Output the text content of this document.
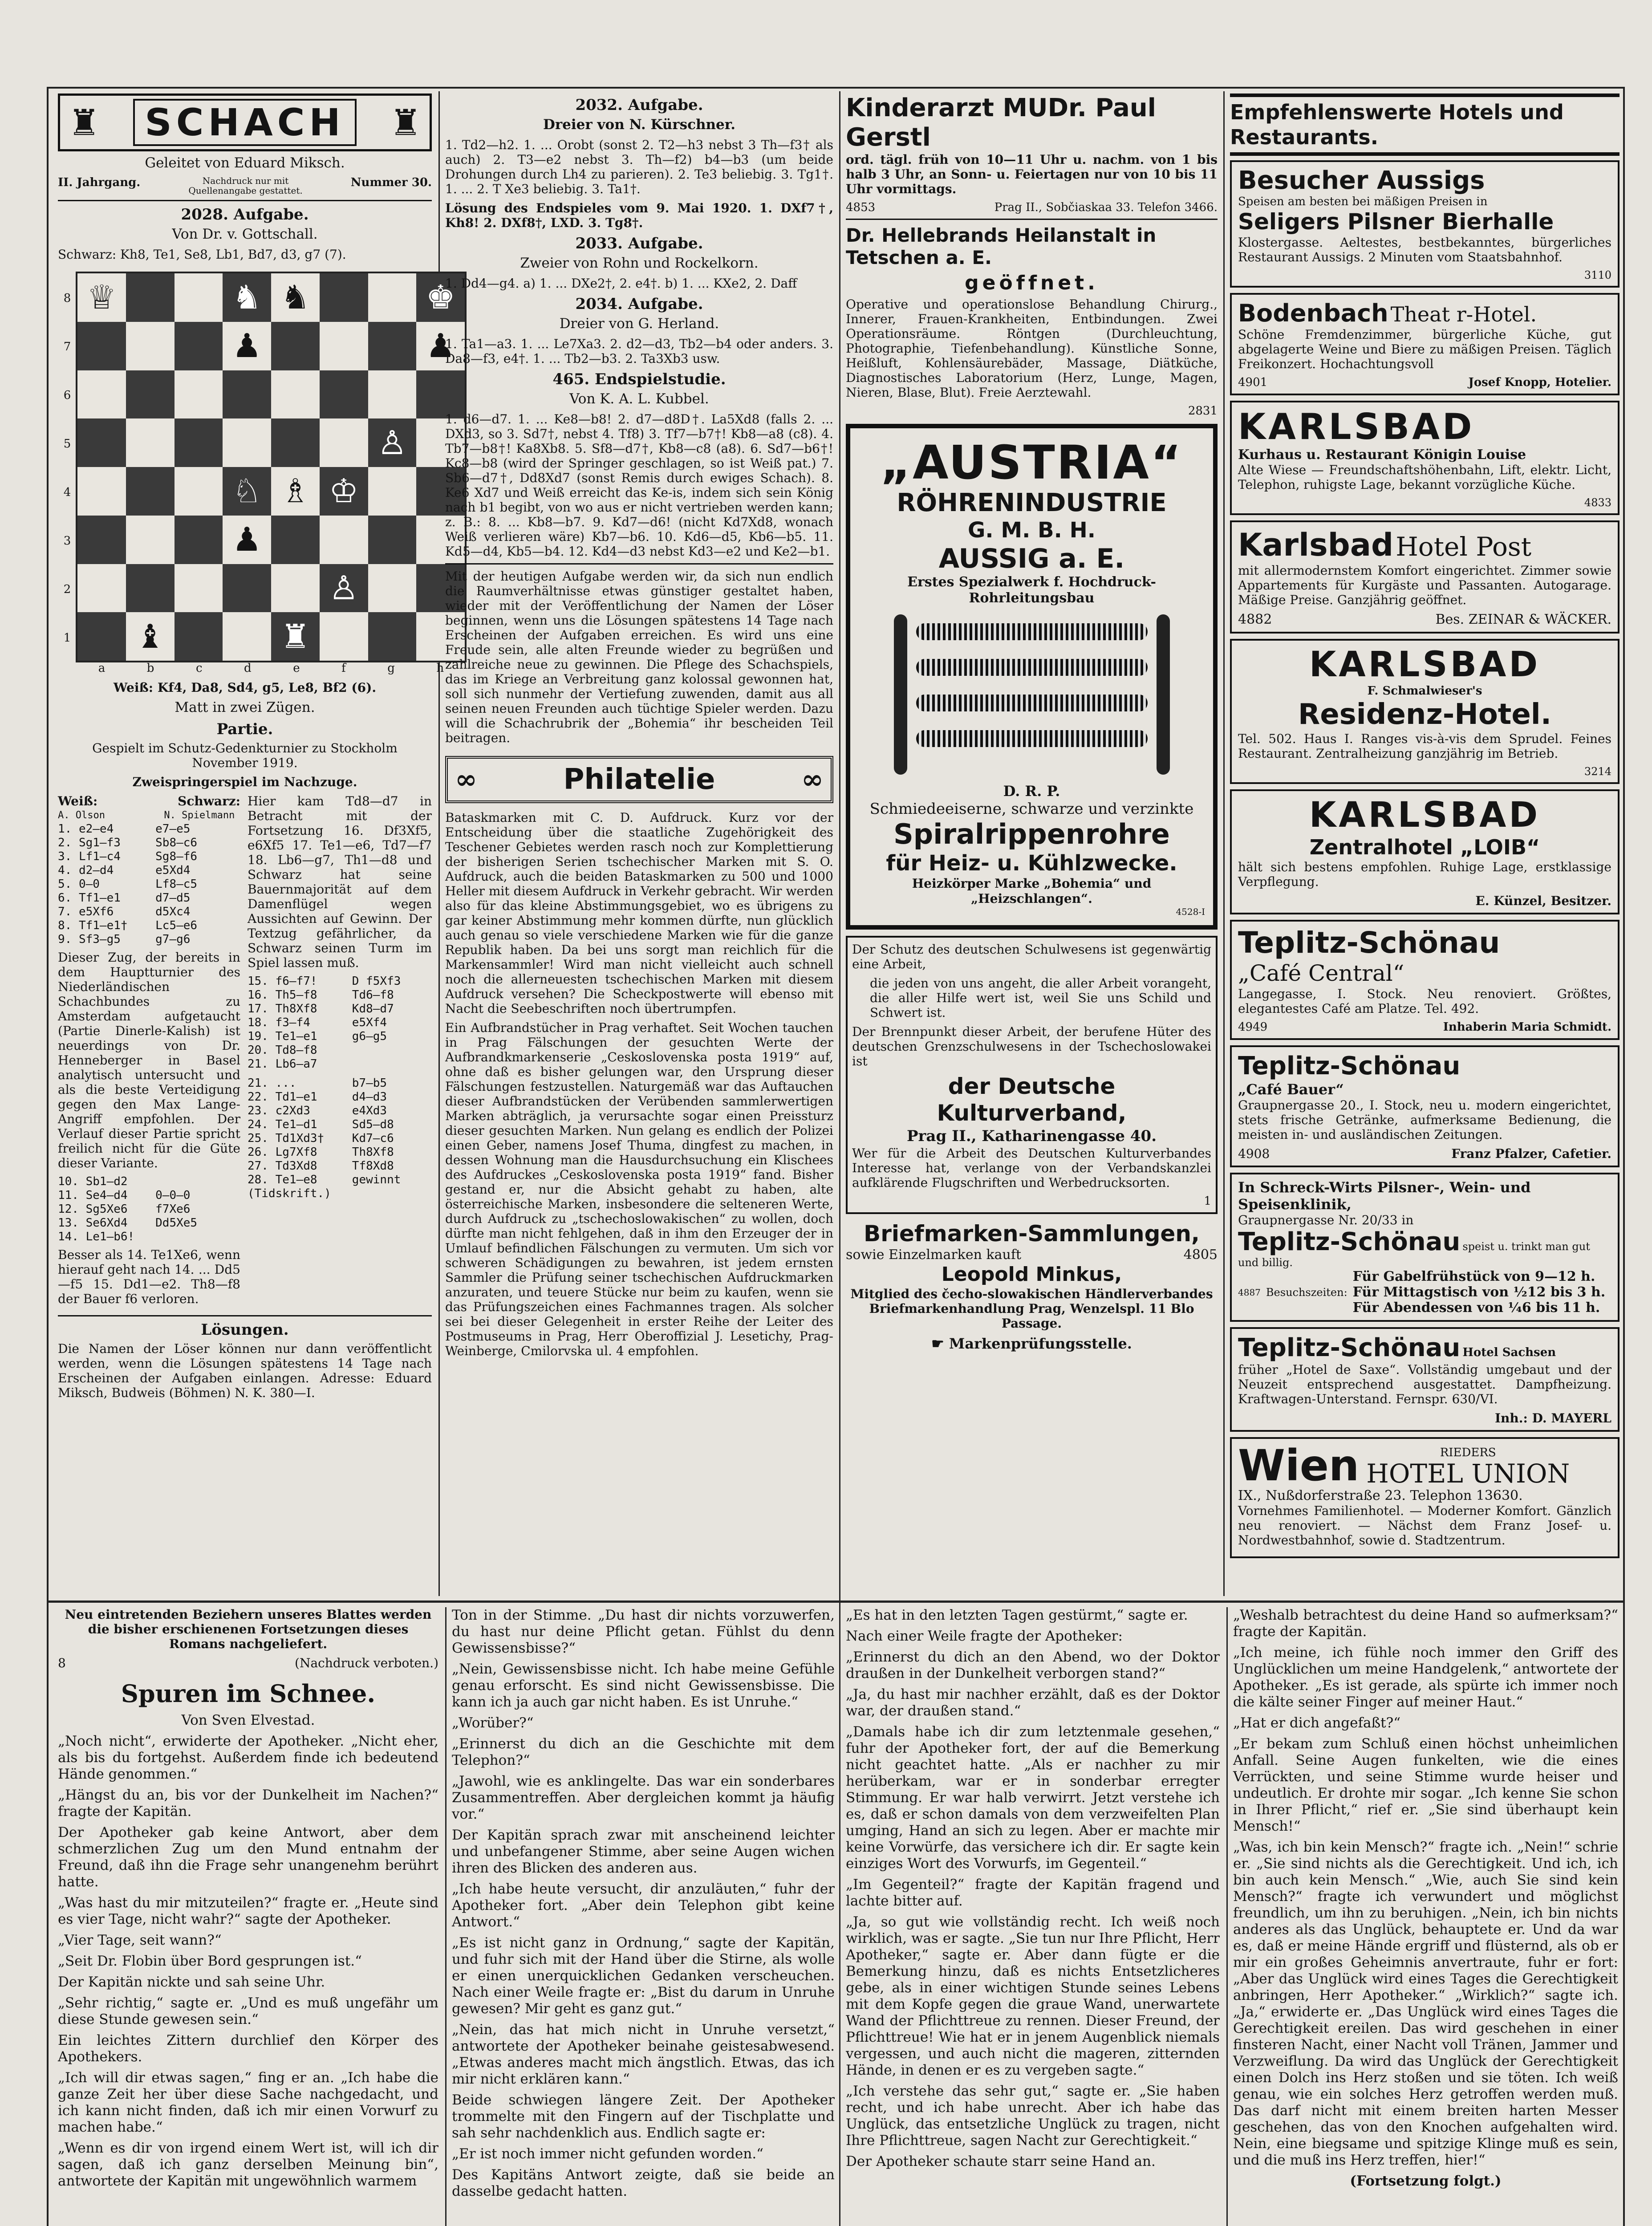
♜	SCHACH	♜

Geleitet von Eduard Miksch.

II. Jahrgang.	Nachdruck nur mit Quellenangabe gestattet.
Nummer 30.

2028. Aufgabe.

Von Dr. v. Gottschall.

Schwarz: Kh8, Te1, Se8, Lb1, Bd7, d3, g7 (7).

8
7
6
5
4
3
2
1
♕	♞ ♞	♚
♟	♟
♙
♘ ♗ ♔
♟
♙
♝	♜
a	b	c	d	e	f	g	h

Weiß: Kf4, Da8, Sd4, g5, Le8, Bf2 (6).

Matt in zwei Zügen.

Partie.

Gespielt im Schutz-Gedenkturnier zu Stockholm November 1919.

Zweispringerspiel im Nachzuge.

Weiß:	Schwarz:

A. Olson          N. Spielmann

1. e2—e4      e7—e5
2. Sg1—f3     Sb8—c6
3. Lf1—c4     Sg8—f6
4. d2—d4      e5Xd4
5. 0—0        Lf8—c5
6. Tf1—e1     d7—d5
7. e5Xf6      d5Xc4
8. Tf1—e1†    Lc5—e6
9. Sf3—g5     g7—g6

Dieser Zug, der bereits in dem Hauptturnier des Niederländischen Schachbundes zu Amsterdam aufgetaucht (Partie Dinerle-Kalish) ist neuerdings von Dr. Henneberger in Basel analytisch untersucht und als die beste Verteidigung gegen den Max Lange-Angriff empfohlen. Der Verlauf dieser Partie spricht freilich nicht für die Güte dieser Variante.

10. Sb1—d2
11. Se4—d4    0—0—0
12. Sg5Xe6    f7Xe6
13. Se6Xd4    Dd5Xe5
14. Le1—b6!

Besser als 14. Te1Xe6, wenn hierauf geht nach 14. ... Dd5—f5 15. Dd1—e2. Th8—f8 der Bauer f6 verloren.

Hier kam Td8—d7 in Betracht mit der Fortsetzung 16. Df3Xf5, e6Xf5 17. Te1—e6, Td7—f7 18. Lb6—g7, Th1—d8 und Schwarz hat seine Bauernmajorität auf dem Damenflügel wegen Aussichten auf Gewinn. Der Textzug gefährlicher, da Schwarz seinen Turm im Spiel lassen muß.

15. f6—f7!     D f5Xf3
16. Th5—f8     Td6—f8
17. Th8Xf8     Kd8—d7
18. f3—f4      e5Xf4
19. Te1—e1     g6—g5
20. Td8—f8
21. Lb6—a7

21. ...        b7—b5
22. Td1—e1     d4—d3
23. c2Xd3      e4Xd3
24. Te1—d1     Sd5—d8
25. Td1Xd3†    Kd7—c6
26. Lg7Xf8     Th8Xf8
27. Td3Xd8     Tf8Xd8
28. Te1—e8     gewinnt
(Tidskrift.)

Lösungen.

Die Namen der Löser können nur dann veröffentlicht werden, wenn die Lösungen spätestens 14 Tage nach Erscheinen der Aufgaben einlangen. Adresse: Eduard Miksch, Budweis (Böhmen) N. K. 380—I.

2032. Aufgabe.

Dreier von N. Kürschner.

1. Td2—h2. 1. ... Orobt (sonst 2. T2—h3 nebst 3 Th—f3† als auch) 2. T3—e2 nebst 3. Th—f2) b4—b3 (um beide Drohungen durch Lh4 zu parieren). 2. Te3 beliebig. 3. Tg1†. 1. ... 2. T Xe3 beliebig. 3. Ta1†.

Lösung des Endspieles vom 9. Mai 1920. 1. DXf7†, Kh8! 2. DXf8†, LXD. 3. Tg8†.

2033. Aufgabe.

Zweier von Rohn und Rockelkorn.

1. Dd4—g4. a) 1. ... DXe2†, 2. e4†. b) 1. ... KXe2, 2. Daff

2034. Aufgabe.

Dreier von G. Herland.

1. Ta1—a3. 1. ... Le7Xa3. 2. d2—d3, Tb2—b4 oder anders. 3. Da8—f3, e4†. 1. ... Tb2—b3. 2. Ta3Xb3 usw.

465. Endspielstudie.

Von K. A. L. Kubbel.

1. d6—d7. 1. ... Ke8—b8! 2. d7—d8D†. La5Xd8 (falls 2. ... DXd3, so 3. Sd7†, nebst 4. Tf8) 3. Tf7—b7†! Kb8—a8 (c8). 4. Tb7—b8†! Ka8Xb8. 5. Sf8—d7†, Kb8—c8 (a8). 6. Sd7—b6†! Kc8—b8 (wird der Springer geschlagen, so ist Weiß pat.) 7. Sb6—d7†, Dd8Xd7 (sonst Remis durch ewiges Schach). 8. Ke6 Xd7 und Weiß erreicht das Ke-is, indem sich sein König nach b1 begibt, von wo aus er nicht vertrieben werden kann; z. B.: 8. ... Kb8—b7. 9. Kd7—d6! (nicht Kd7Xd8, wonach Weiß verlieren wäre) Kb7—b6. 10. Kd6—d5, Kb6—b5. 11. Kd5—d4, Kb5—b4. 12. Kd4—d3 nebst Kd3—e2 und Ke2—b1.

Mit der heutigen Aufgabe werden wir, da sich nun endlich die Raumverhältnisse etwas günstiger gestaltet haben, wieder mit der Veröffentlichung der Namen der Löser beginnen, wenn uns die Lösungen spätestens 14 Tage nach Erscheinen der Aufgaben erreichen. Es wird uns eine Freude sein, alle alten Freunde wieder zu begrüßen und zahlreiche neue zu gewinnen. Die Pflege des Schachspiels, das im Kriege an Verbreitung ganz kolossal gewonnen hat, soll sich nunmehr der Vertiefung zuwenden, damit aus all seinen neuen Freunden auch tüchtige Spieler werden. Dazu will die Schachrubrik der „Bohemia“ ihr bescheiden Teil beitragen.

∞	Philatelie	∞

Bataskmarken mit C. D. Aufdruck. Kurz vor der Entscheidung über die staatliche Zugehörigkeit des Teschener Gebietes werden rasch noch zur Komplettierung der bisherigen Serien tschechischer Marken mit S. O. Aufdruck, auch die beiden Bataskmarken zu 500 und 1000 Heller mit diesem Aufdruck in Verkehr gebracht. Wir werden also für das kleine Abstimmungsgebiet, wo es übrigens zu gar keiner Abstimmung mehr kommen dürfte, nun glücklich auch genau so viele verschiedene Marken wie für die ganze Republik haben. Da bei uns sorgt man reichlich für die Markensammler! Wird man nicht vielleicht auch schnell noch die allerneuesten tschechischen Marken mit diesem Aufdruck versehen? Die Scheckpostwerte will ebenso mit Nacht die Seebeschriften noch übertrumpfen.

Ein Aufbrandstücher in Prag verhaftet. Seit Wochen tauchen in Prag Fälschungen der gesuchten Werte der Aufbrandkmarkenserie „Ceskoslovenska posta 1919“ auf, ohne daß es bisher gelungen war, den Ursprung dieser Fälschungen festzustellen. Naturgemäß war das Auftauchen dieser Aufbrandstücken der Verübenden sammlerwertigen Marken abträglich, ja verursachte sogar einen Preissturz dieser gesuchten Marken. Nun gelang es endlich der Polizei einen Geber, namens Josef Thuma, dingfest zu machen, in dessen Wohnung man die Hausdurchsuchung ein Klischees des Aufdruckes „Ceskoslovenska posta 1919“ fand. Bisher gestand er, nur die Absicht gehabt zu haben, alte österreichische Marken, insbesondere die selteneren Werte, durch Aufdruck zu „tschechoslowakischen“ zu wollen, doch dürfte man nicht fehlgehen, daß in ihm den Erzeuger der in Umlauf befindlichen Fälschungen zu vermuten. Um sich vor schweren Schädigungen zu bewahren, ist jedem ernsten Sammler die Prüfung seiner tschechischen Aufdruckmarken anzuraten, und teuere Stücke nur beim zu kaufen, wenn sie das Prüfungszeichen eines Fachmannes tragen. Als solcher sei bei dieser Gelegenheit in erster Reihe der Leiter des Postmuseums in Prag, Herr Oberoffizial J. Lesetichy, Prag-Weinberge, Cmilorvska ul. 4 empfohlen.

Kinderarzt MUDr. Paul Gerstl

ord. tägl. früh von 10—11 Uhr u. nachm. von 1 bis halb 3 Uhr, an Sonn- u. Feiertagen nur von 10 bis 11 Uhr vormittags.

4853	Prag II., Sobčiaskaa 33. Telefon 3466.
Dr. Hellebrands Heilanstalt in Tetschen a. E.
geöffnet.

Operative und operationslose Behandlung Chirurg., Innerer, Frauen-Krankheiten, Entbindungen. Zwei Operationsräume. Röntgen (Durchleuchtung, Photographie, Tiefenbehandlung). Künstliche Sonne, Heißluft, Kohlensäurebäder, Massage, Diätküche, Diagnostisches Laboratorium (Herz, Lunge, Magen, Nieren, Blase, Blut). Freie Aerztewahl.

2831
„AUSTRIA“
RÖHRENINDUSTRIE
G. M. B. H.
AUSSIG a. E.
Erstes Spezialwerk f. Hochdruck-Rohrleitungsbau
D. R. P.
Schmiedeeiserne, schwarze und verzinkte
Spiralrippenrohre
für Heiz- u. Kühlzwecke.
Heizkörper Marke „Bohemia“ und „Heizschlangen“.
4528-I

Der Schutz des deutschen Schulwesens ist gegenwärtig eine Arbeit,

die jeden von uns angeht, die aller Arbeit vorangeht, die aller Hilfe wert ist, weil Sie uns Schild und Schwert ist.

Der Brennpunkt dieser Arbeit, der berufene Hüter des deutschen Grenzschulwesens in der Tschechoslowakei ist

der Deutsche Kulturverband,
Prag II., Katharinengasse 40.

Wer für die Arbeit des Deutschen Kulturverbandes Interesse hat, verlange von der Verbandskanzlei aufklärende Flugschriften und Werbedrucksorten.

1
Briefmarken-Sammlungen,
sowie Einzelmarken kauft	4805
Leopold Minkus,

Mitglied des čecho-slowakischen Händlerverbandes Briefmarkenhandlung Prag, Wenzelspl. 11 Blo Passage.

☛ Markenprüfungsstelle.
Empfehlenswerte Hotels und Restaurants.
Besucher Aussigs
Speisen am besten bei mäßigen Preisen in
Seligers Pilsner Bierhalle

Klostergasse. Aeltestes, bestbekanntes, bürgerliches Restaurant Aussigs. 2 Minuten vom Staatsbahnhof.

3110
Bodenbach Theat r-Hotel.

Schöne Fremdenzimmer, bürgerliche Küche, gut abgelagerte Weine und Biere zu mäßigen Preisen. Täglich Freikonzert. Hochachtungsvoll

4901	Josef Knopp, Hotelier.
KARLSBAD
Kurhaus u. Restaurant Königin Louise

Alte Wiese — Freundschaftshöhenbahn, Lift, elektr. Licht, Telephon, ruhigste Lage, bekannt vorzügliche Küche.

4833
Karlsbad Hotel Post

mit allermodernstem Komfort eingerichtet. Zimmer sowie Appartements für Kurgäste und Passanten. Autogarage. Mäßige Preise. Ganzjährig geöffnet.

4882	Bes. ZEINAR & WÄCKER.
KARLSBAD
F. Schmalwieser's
Residenz-Hotel.

Tel. 502. Haus I. Ranges vis-à-vis dem Sprudel. Feines Restaurant. Zentralheizung ganzjährig im Betrieb.

3214
KARLSBAD
Zentralhotel „LOIB“

hält sich bestens empfohlen. Ruhige Lage, erstklassige Verpflegung.

E. Künzel, Besitzer.
Teplitz-Schönau
„Café Central“

Langegasse, I. Stock. Neu renoviert. Größtes, elegantestes Café am Platze. Tel. 492.

4949	Inhaberin Maria Schmidt.
Teplitz-Schönau
„Café Bauer“

Graupnergasse 20., I. Stock, neu u. modern eingerichtet, stets frische Getränke, aufmerksame Bedienung, die meisten in- und ausländischen Zeitungen.

4908	Franz Pfalzer, Cafetier.
In Schreck-Wirts Pilsner-, Wein- und Speisenklinik,
Graupnergasse Nr. 20/33 in
Teplitz-Schönau speist u. trinkt man gut und billig.
4887 Besuchszeiten:
Für Gabelfrühstück von 9—12 h.
Für Mittagstisch von ½12 bis 3 h.
Für Abendessen von ¼6 bis 11 h.
Teplitz-Schönau Hotel Sachsen

früher „Hotel de Saxe“. Vollständig umgebaut und der Neuzeit entsprechend ausgestattet. Dampfheizung. Kraftwagen-Unterstand. Fernspr. 630/VI.

Inh.: D. MAYERL
Wien	RIEDERS
HOTEL UNION
IX., Nußdorferstraße 23. Telephon 13630.

Vornehmes Familienhotel. — Moderner Komfort. Gänzlich neu renoviert. — Nächst dem Franz Josef- u. Nordwestbahnhof, sowie d. Stadtzentrum.

Neu eintretenden Beziehern unseres Blattes werden die bisher erschienenen Fortsetzungen dieses Romans nachgeliefert.

8	(Nachdruck verboten.)
Spuren im Schnee.

Von Sven Elvestad.

„Noch nicht“, erwiderte der Apotheker. „Nicht eher, als bis du fortgehst. Außerdem finde ich bedeutend Hände genommen.“

„Hängst du an, bis vor der Dunkelheit im Nachen?“ fragte der Kapitän.

Der Apotheker gab keine Antwort, aber dem schmerzlichen Zug um den Mund entnahm der Freund, daß ihn die Frage sehr unangenehm berührt hatte.

„Was hast du mir mitzuteilen?“ fragte er. „Heute sind es vier Tage, nicht wahr?“ sagte der Apotheker.

„Vier Tage, seit wann?“

„Seit Dr. Flobin über Bord gesprungen ist.“

Der Kapitän nickte und sah seine Uhr.

„Sehr richtig,“ sagte er. „Und es muß ungefähr um diese Stunde gewesen sein.“

Ein leichtes Zittern durchlief den Körper des Apothekers.

„Ich will dir etwas sagen,“ fing er an. „Ich habe die ganze Zeit her über diese Sache nachgedacht, und ich kann nicht finden, daß ich mir einen Vorwurf zu machen habe.“

„Wenn es dir von irgend einem Wert ist, will ich dir sagen, daß ich ganz derselben Meinung bin“, antwortete der Kapitän mit ungewöhnlich warmem

Ton in der Stimme. „Du hast dir nichts vorzuwerfen, du hast nur deine Pflicht getan. Fühlst du denn Gewissensbisse?“

„Nein, Gewissensbisse nicht. Ich habe meine Gefühle genau erforscht. Es sind nicht Gewissensbisse. Die kann ich ja auch gar nicht haben. Es ist Unruhe.“

„Worüber?“

„Erinnerst du dich an die Geschichte mit dem Telephon?“

„Jawohl, wie es anklingelte. Das war ein sonderbares Zusammentreffen. Aber dergleichen kommt ja häufig vor.“

Der Kapitän sprach zwar mit anscheinend leichter und unbefangener Stimme, aber seine Augen wichen ihren des Blicken des anderen aus.

„Ich habe heute versucht, dir anzuläuten,“ fuhr der Apotheker fort. „Aber dein Telephon gibt keine Antwort.“

„Es ist nicht ganz in Ordnung,“ sagte der Kapitän, und fuhr sich mit der Hand über die Stirne, als wolle er einen unerquicklichen Gedanken verscheuchen. Nach einer Weile fragte er: „Bist du darum in Unruhe gewesen? Mir geht es ganz gut.“

„Nein, das hat mich nicht in Unruhe versetzt,“ antwortete der Apotheker beinahe geistesabwesend. „Etwas anderes macht mich ängstlich. Etwas, das ich mir nicht erklären kann.“

Beide schwiegen längere Zeit. Der Apotheker trommelte mit den Fingern auf der Tischplatte und sah sehr nachdenklich aus. Endlich sagte er:

„Er ist noch immer nicht gefunden worden.“

Des Kapitäns Antwort zeigte, daß sie beide an dasselbe gedacht hatten.

„Es hat in den letzten Tagen gestürmt,“ sagte er.

Nach einer Weile fragte der Apotheker:

„Erinnerst du dich an den Abend, wo der Doktor draußen in der Dunkelheit verborgen stand?“

„Ja, du hast mir nachher erzählt, daß es der Doktor war, der draußen stand.“

„Damals habe ich dir zum letztenmale gesehen,“ fuhr der Apotheker fort, der auf die Bemerkung nicht geachtet hatte. „Als er nachher zu mir herüberkam, war er in sonderbar erregter Stimmung. Er war halb verwirrt. Jetzt verstehe ich es, daß er schon damals von dem verzweifelten Plan umging, Hand an sich zu legen. Aber er machte mir keine Vorwürfe, das versichere ich dir. Er sagte kein einziges Wort des Vorwurfs, im Gegenteil.“

„Im Gegenteil?“ fragte der Kapitän fragend und lachte bitter auf.

„Ja, so gut wie vollständig recht. Ich weiß noch wirklich, was er sagte. „Sie tun nur Ihre Pflicht, Herr Apotheker,“ sagte er. Aber dann fügte er die Bemerkung hinzu, daß es nichts Entsetzlicheres gebe, als in einer wichtigen Stunde seines Lebens mit dem Kopfe gegen die graue Wand, unerwartete Wand der Pflichttreue zu rennen. Dieser Freund, der Pflichttreue! Wie hat er in jenem Augenblick niemals vergessen, und auch nicht die mageren, zitternden Hände, in denen er es zu vergeben sagte.“

„Ich verstehe das sehr gut,“ sagte er. „Sie haben recht, und ich habe unrecht. Aber ich habe das Unglück, das entsetzliche Unglück zu tragen, nicht Ihre Pflichttreue, sagen Nacht zur Gerechtigkeit.“

Der Apotheker schaute starr seine Hand an.

„Weshalb betrachtest du deine Hand so aufmerksam?“ fragte der Kapitän.

„Ich meine, ich fühle noch immer den Griff des Unglücklichen um meine Handgelenk,“ antwortete der Apotheker. „Es ist gerade, als spürte ich immer noch die kälte seiner Finger auf meiner Haut.“

„Hat er dich angefaßt?“

„Er bekam zum Schluß einen höchst unheimlichen Anfall. Seine Augen funkelten, wie die eines Verrückten, und seine Stimme wurde heiser und undeutlich. Er drohte mir sogar. „Ich kenne Sie schon in Ihrer Pflicht,“ rief er. „Sie sind überhaupt kein Mensch!“

„Was, ich bin kein Mensch?“ fragte ich. „Nein!“ schrie er. „Sie sind nichts als die Gerechtigkeit. Und ich, ich bin auch kein Mensch.“ „Wie, auch Sie sind kein Mensch?“ fragte ich verwundert und möglichst freundlich, um ihn zu beruhigen. „Nein, ich bin nichts anderes als das Unglück, behauptete er. Und da war es, daß er meine Hände ergriff und flüsternd, als ob er mir ein großes Geheimnis anvertraute, fuhr er fort: „Aber das Unglück wird eines Tages die Gerechtigkeit anbringen, Herr Apotheker.“ „Wirklich?“ sagte ich. „Ja,“ erwiderte er. „Das Unglück wird eines Tages die Gerechtigkeit ereilen. Das wird geschehen in einer finsteren Nacht, einer Nacht voll Tränen, Jammer und Verzweiflung. Da wird das Unglück der Gerechtigkeit einen Dolch ins Herz stoßen und sie töten. Ich weiß genau, wie ein solches Herz getroffen werden muß. Das darf nicht mit einem breiten harten Messer geschehen, das von den Knochen aufgehalten wird. Nein, eine biegsame und spitzige Klinge muß es sein, und die muß ins Herz treffen, hier!“

(Fortsetzung folgt.)
